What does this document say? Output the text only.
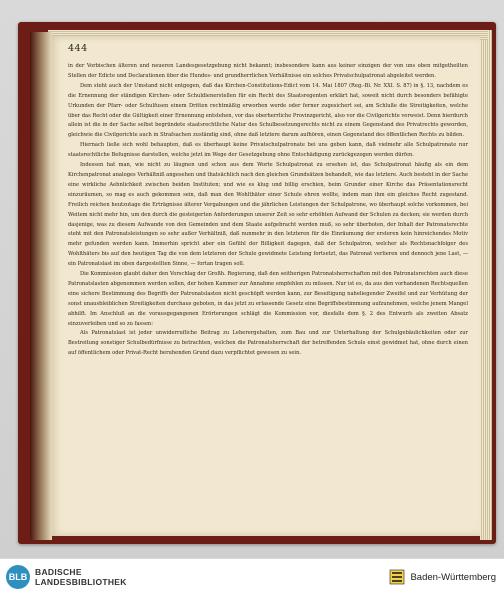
444

in der Vorbischen älteren und neueren Landesgesetzgebung nicht bekannt; insbesondere kann aus keiner einzigen der von uns oben mitgetheilten Stellen der Edicte und Declarationen über die Hundes- und grundherrlichen Verhältnisse ein solches Privatschulpatronat abgeleitet werden.

Dem steht auch der Umstand nicht entgegen, daß das Kirchen-Constitutions-Edict vom 14. Mai 1807 (Reg.-Bl. Nr. XXI. S. 87) in §. 13, nachdem es die Ernennung der ständigen Kirchen- oder Schuldienerstellen für ein Recht des Staatsregenten erklärt hat, soweit nicht durch besonders befähigte Urkunden der Pfarr- oder Schulfusen einem Dritten rechtmäßig erworben werde oder ferner zugesichert sei, am Schluße die Streitigkeiten, welche über das Recht oder die Gültigkeit einer Ernennung entstehen, vor das oberherrliche Provinzgericht, also vor die Civilgerichte verweist. Denn hierdurch allein ist die in der Sache selbst begründete staatsrechtliche Natur des Schulbesetzungsrechts nicht zu einem Gegenstand des Privatrechts geworden, gleichwie die Civilgerichte auch in Strafsachen zuständig sind, ohne daß letztere darum aufhören, einen Gegenstand des öffentlichen Rechts zu bilden.

Hiernach ließe sich wohl behaupten, daß es überhaupt keine Privatschulpatronate bei uns geben kann, daß vielmehr alle Schulpatronate nur staatsrechtliche Befugnisse darstellen, welche jetzt im Wege der Gesetzgebung ohne Entschädigung zurückgezogen werden dürfen.

Indessen hat man, wie nicht zu läugnen und schon aus dem Worte Schulpatronat zu ersehen ist, das Schulpatronat häufig als ein dem Kirchenpatronat analoges Verhältniß angesehen und thatsächlich nach den gleichen Grundsätzen behandelt, wie das letztere. Auch besteht in der Sache eine wirkliche Aehnlichkeit zwischen beiden Instituten; und wie es klug und billig erschien, beim Grunder einer Kirche das Präsentationsrecht einzuräumen, so mag es auch gekommen sein, daß man den Wohlthäter einer Schule ehren wollte, indem man ihm ein gleiches Recht zugestand. Freilich reichen heutzutage die Erträgnisse älterer Vergabungen und die jährlichen Leistungen der Schulpatrone, wo überhaupt solche vorkommen, bei Weitem nicht mehr hin, um den durch die gesteigerten Anforderungen unserer Zeit so sehr erhöhten Aufwand der Schulen zu decken; sie werden durch dasjenige, was zu diesem Aufwande von den Gemeinden und dem Staate aufgebracht werden muß, so sehr überboten, der Inhalt der Patronatsrechte steht mit den Patronatsleistungen so sehr außer Verhältniß, daß nunmehr in den letzteren für die Einräumung der ersteren kein hinreichendes Motiv mehr gefunden werden kann. Immerhin spricht aber ein Gefühl der Billigkeit dagegen, daß der Schulpatron, welcher als Rechtsnachfolger des Wohlthäters bis auf den heutigen Tag die von dem letzteren der Schule gewidmete Leistung fortsetzt, das Patronat verlieren und dennoch jene Last, — ein Patronatslast im oben dargestellten Sinne, — fortan tragen soll.

Die Kommission glaubt daher den Vorschlag der Großh. Regierung, daß den seitherigen Patronatsherrschaften mit den Patronatsrechten auch diese Patronatslasten abgenommen werden sollen, der hohen Kammer zur Annahme empfehlen zu müssen. Nur ist es, da aus den vorhandenen Rechtsquellen eine sichere Bestimmung des Begriffs der Patronatslasten nicht geschöpft werden kann, zur Beseitigung naheliegender Zweifel und zur Verhütung der sonst unausbleiblichen Streitigkeiten durchaus geboten, in das jetzt zu erlassende Gesetz eine Begriffsbestimmung aufzunehmen, welche jenem Mangel abhilft. Im Anschluß an die vorausgegangenen Erörterungen schlägt die Kommission vor, diesfalls dem §. 2 des Entwurfs als zweiten Absatz einzuverleiben und so zu fassen:

Als Patronatslast ist jeder unwiderrufliche Beitrag zu Leherergehalten, zum Bau und zur Unterhaltung der Schulgebäulichkeiten oder zur Bestreitung sonstiger Schulbedürfnisse zu betrachten, welchen die Patronatsherrschaft der betreffenden Schule einst gewidmet hat, ohne durch einen auf öffentlichem oder Privat-Recht beruhenden Grund dazu verpflichtet gewesen zu sein.

BLB BADISCHE
LANDESBIBLIOTHEK	Baden-Württemberg
